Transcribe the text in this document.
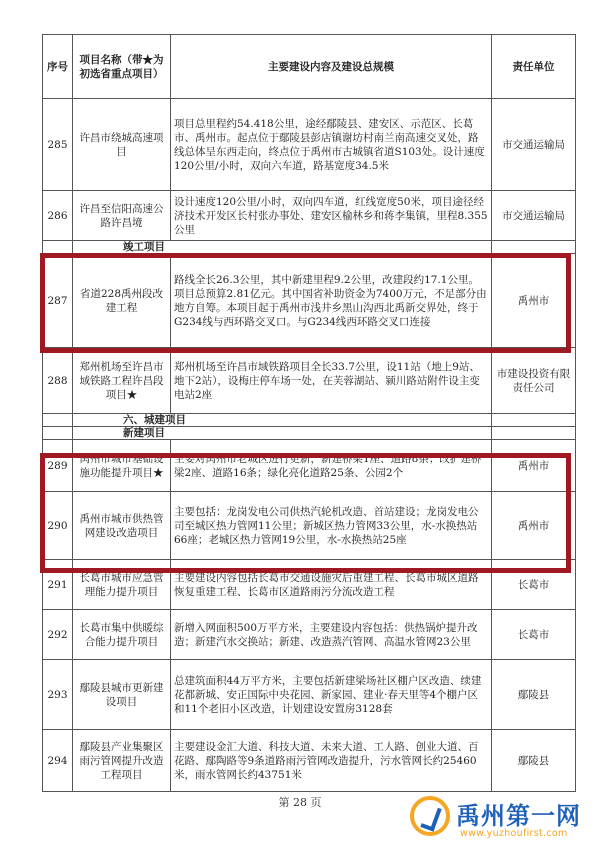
序号	项目名称（带★为初选省重点项目）	主要建设内容及建设总规模	责任单位
285	许昌市绕城高速项目	项目总里程约54.418公里，途经鄢陵县、建安区、示范区、长葛市、禹州市。起点位于鄢陵县彭店镇谢坊村南兰南高速交叉处，路线总体呈东西走向，终点位于禹州市古城镇省道S103处。设计速度120公里/小时，双向六车道，路基宽度34.5米	市交通运输局
286	许昌至信阳高速公路许昌境	设计速度120公里/小时，双向四车道，红线宽度50米，项目途径经济技术开发区长村张办事处、建安区榆林乡和蒋李集镇，里程8.355公里	市交通运输局
	竣工项目		
287	省道228禹州段改建工程	路线全长26.3公里，其中新建里程9.2公里，改建段约17.1公里。项目总预算2.81亿元。其中国省补助资金为7400万元，不足部分由地方自筹。本项目起于禹州市浅井乡黑山沟西北禹新交界处，终于G234线与西环路交叉口。与G234线西环路交叉口连接	禹州市
288	郑州机场至许昌市域铁路工程许昌段项目★	郑州机场至许昌市域铁路项目全长33.7公里，设11站（地上9站、地下2站），设梅庄停车场一处，在芙蓉湖站、颍川路站附件设主变电站2座	市建设投资有限责任公司
	六、城建项目		
	新建项目		
289	禹州市城市基础设施功能提升项目★	主要对禹州市老城区进行更新，新建桥梁1座、道路8条；改扩建桥梁2座、道路16条；绿化亮化道路25条、公园2个	禹州市
290	禹州市城市供热管网建设改造项目	主要包括：龙岗发电公司供热汽轮机改造、首站建设；龙岗发电公司至城区热力管网11公里；新城区热力管网33公里，水-水换热站66座；老城区热力管网19公里，水-水换热站25座	禹州市
291	长葛市城市应急管理能力提升项目	主要建设内容包括长葛市交通设施灾后重建工程、长葛市城区道路恢复重建工程、长葛市区道路雨污分流改造工程	长葛市
292	长葛市集中供暖综合能力提升项目	新增入网面积500万平方米，主要建设内容包括：供热锅炉提升改造；新建汽水交换站；新建、改造蒸汽管网、高温水管网23公里	长葛市
293	鄢陵县城市更新建设项目	总建筑面积44万平方米，主要包括新建梁场社区棚户区改造、续建花都新城、安正国际中央花园、新家园、建业·春天里等4个棚户区和11个老旧小区改造，计划建设安置房3128套	鄢陵县
294	鄢陵县产业集聚区雨污管网提升改造工程项目	主要建设金汇大道、科技大道、未来大道、工人路、创业大道、百花路、鄢陶路等9条道路雨污管网改造提升，污水管网长约25460米，雨水管网长约43751米	鄢陵县
第 28 页	禹州第一网
www.yuzhoufirst.com
